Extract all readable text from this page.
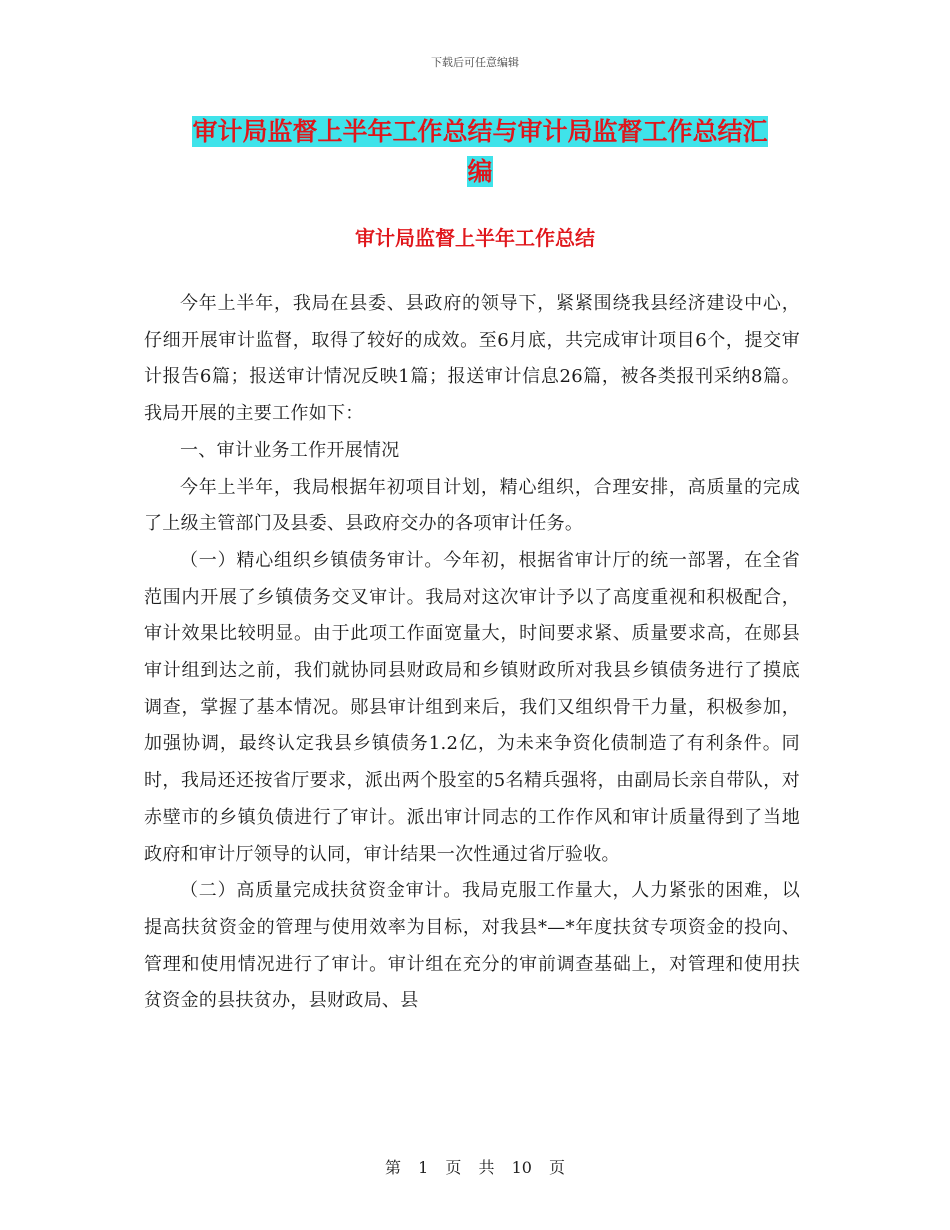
下载后可任意编辑
审计局监督上半年工作总结与审计局监督工作总结汇
编
审计局监督上半年工作总结

今年上半年，我局在县委、县政府的领导下，紧紧围绕我县经济建设中心，仔细开展审计监督，取得了较好的成效。至6月底，共完成审计项目6个，提交审计报告6篇；报送审计情况反映1篇；报送审计信息26篇，被各类报刊采纳8篇。我局开展的主要工作如下：

一、审计业务工作开展情况

今年上半年，我局根据年初项目计划，精心组织，合理安排，高质量的完成了上级主管部门及县委、县政府交办的各项审计任务。

（一）精心组织乡镇债务审计。今年初，根据省审计厅的统一部署，在全省范围内开展了乡镇债务交叉审计。我局对这次审计予以了高度重视和积极配合，审计效果比较明显。由于此项工作面宽量大，时间要求紧、质量要求高，在郧县审计组到达之前，我们就协同县财政局和乡镇财政所对我县乡镇债务进行了摸底调查，掌握了基本情况。郧县审计组到来后，我们又组织骨干力量，积极参加，加强协调，最终认定我县乡镇债务1.2亿，为未来争资化债制造了有利条件。同时，我局还还按省厅要求，派出两个股室的5名精兵强将，由副局长亲自带队，对赤壁市的乡镇负债进行了审计。派出审计同志的工作作风和审计质量得到了当地政府和审计厅领导的认同，审计结果一次性通过省厅验收。

（二）高质量完成扶贫资金审计。我局克服工作量大，人力紧张的困难，以提高扶贫资金的管理与使用效率为目标，对我县*—*年度扶贫专项资金的投向、管理和使用情况进行了审计。审计组在充分的审前调查基础上，对管理和使用扶贫资金的县扶贫办，县财政局、县

第 1 页 共 10 页
